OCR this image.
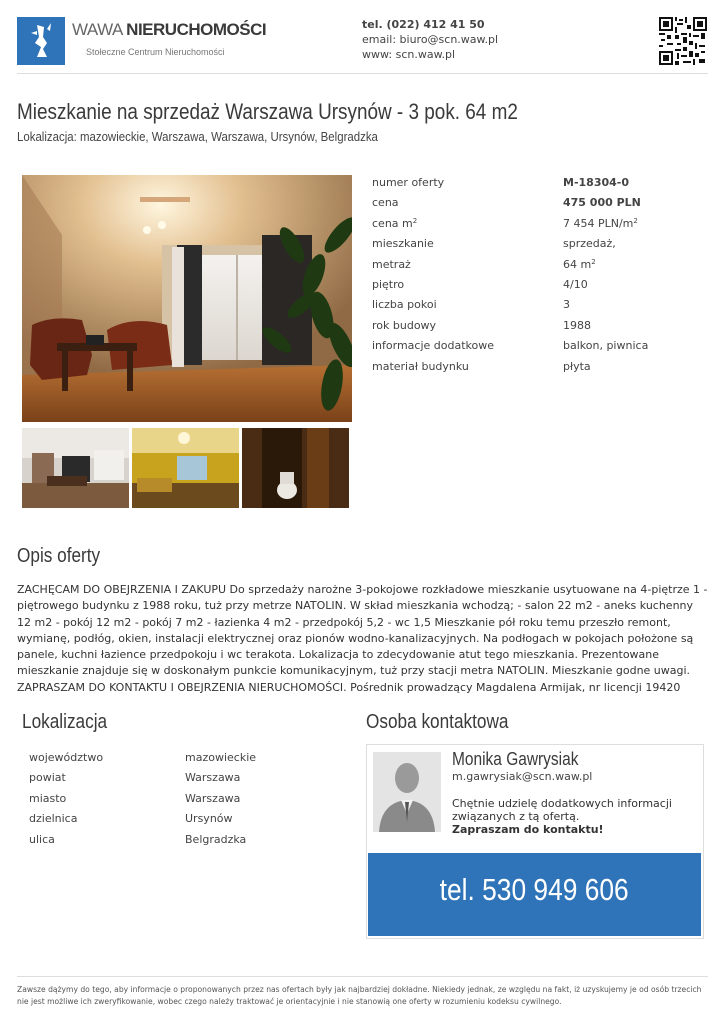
WAWA NIERUCHOMOŚCI
Stołeczne Centrum Nieruchomości
tel. (022) 412 41 50
email: biuro@scn.waw.pl
www: scn.waw.pl
Mieszkanie na sprzedaż Warszawa Ursynów - 3 pok. 64 m2
Lokalizacja: mazowieckie, Warszawa, Warszawa, Ursynów, Belgradzka
numer oferty	M-18304-0
cena	475 000 PLN
cena $m^2$	7 454 PLN/$m^2$
mieszkanie	sprzedaż,
metraż	64 $m^2$
piętro	4/10
liczba pokoi	3
rok budowy	1988
informacje dodatkowe	balkon, piwnica
materiał budynku	płyta
Opis oferty
ZACHĘCAM DO OBEJRZENIA I ZAKUPU Do sprzedaży narożne 3-pokojowe rozkładowe mieszkanie usytuowane na 4-piętrze 1 -piętrowego budynku z 1988 roku, tuż przy metrze NATOLIN. W skład mieszkania wchodzą; - salon 22 m2 - aneks kuchenny 12 m2 - pokój 12 m2 - pokój 7 m2 - łazienka 4 m2 - przedpokój 5,2 - wc 1,5 Mieszkanie pół roku temu przeszło remont, wymianę, podłóg, okien, instalacji elektrycznej oraz pionów wodno-kanalizacyjnych. Na podłogach w pokojach położone są panele, kuchni łazience przedpokoju i wc terakota. Lokalizacja to zdecydowanie atut tego mieszkania. Prezentowane mieszkanie znajduje się w doskonałym punkcie komunikacyjnym, tuż przy stacji metra NATOLIN. Mieszkanie godne uwagi. ZAPRASZAM DO KONTAKTU I OBEJRZENIA NIERUCHOMOŚCI. Pośrednik prowadzący Magdalena Armijak, nr licencji 19420
Lokalizacja
województwo	mazowieckie
powiat	Warszawa
miasto	Warszawa
dzielnica	Ursynów
ulica	Belgradzka
Osoba kontaktowa
Monika Gawrysiak
m.gawrysiak@scn.waw.pl
Chętnie udzielę dodatkowych informacji związanych z tą ofertą.
Zapraszam do kontaktu!
tel. 530 949 606
Zawsze dążymy do tego, aby informacje o proponowanych przez nas ofertach były jak najbardziej dokładne. Niekiedy jednak, ze względu na fakt, iż uzyskujemy je od osób trzecich nie jest możliwe ich zweryfikowanie, wobec czego należy traktować je orientacyjnie i nie stanowią one oferty w rozumieniu kodeksu cywilnego.
